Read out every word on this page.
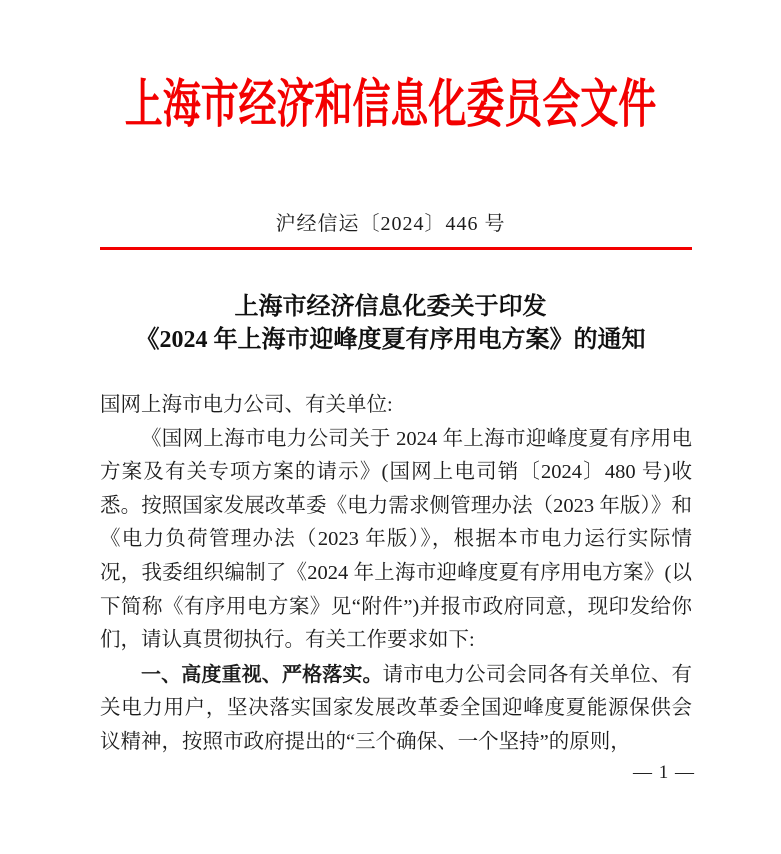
上海市经济和信息化委员会文件
沪经信运〔2024〕446 号
上海市经济信息化委关于印发
《2024 年上海市迎峰度夏有序用电方案》的通知

国网上海市电力公司、有关单位:

《国网上海市电力公司关于 2024 年上海市迎峰度夏有序用电方案及有关专项方案的请示》(国网上电司销〔2024〕480 号)收悉。按照国家发展改革委《电力需求侧管理办法（2023 年版）》和《电力负荷管理办法（2023 年版）》，根据本市电力运行实际情况，我委组织编制了《2024 年上海市迎峰度夏有序用电方案》(以下简称《有序用电方案》见“附件”)并报市政府同意，现印发给你们，请认真贯彻执行。有关工作要求如下:

一、高度重视、严格落实。请市电力公司会同各有关单位、有关电力用户，坚决落实国家发展改革委全国迎峰度夏能源保供会议精神，按照市政府提出的“三个确保、一个坚持”的原则，

— 1 —
